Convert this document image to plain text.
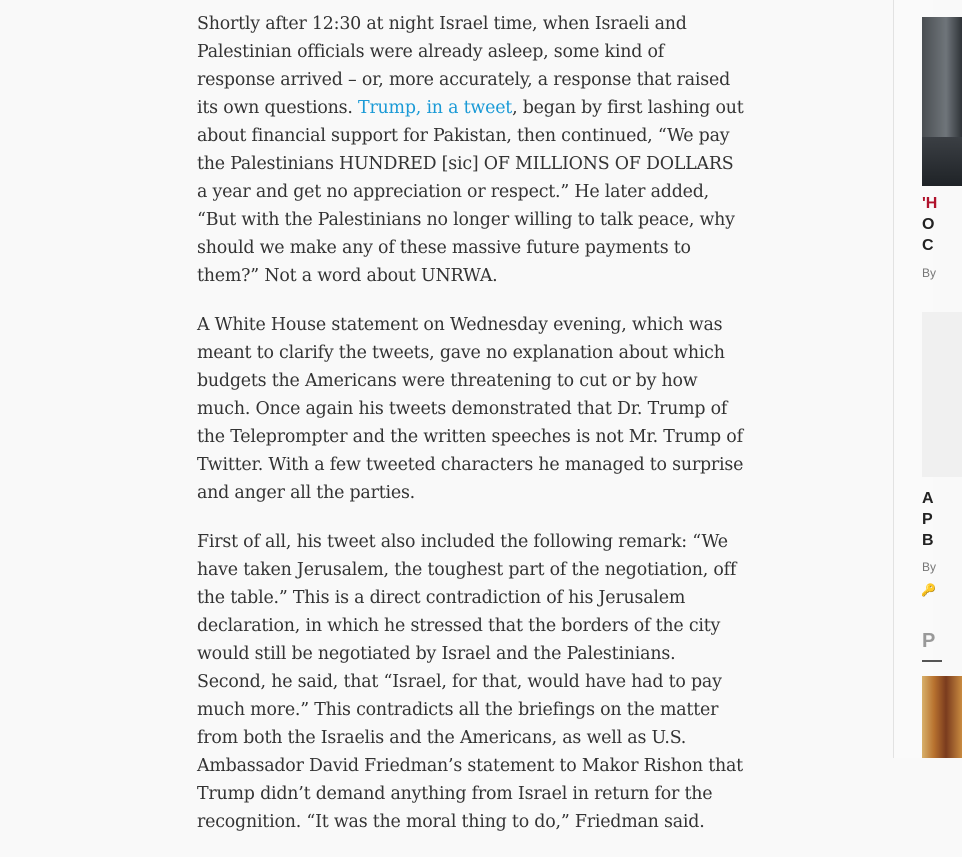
Shortly after 12:30 at night Israel time, when Israeli and Palestinian officials were already asleep, some kind of response arrived – or, more accurately, a response that raised its own questions. Trump, in a tweet, began by first lashing out about financial support for Pakistan, then continued, “We pay the Palestinians HUNDRED [sic] OF MILLIONS OF DOLLARS a year and get no appreciation or respect.” He later added, “But with the Palestinians no longer willing to talk peace, why should we make any of these massive future payments to them?” Not a word about UNRWA.

A White House statement on Wednesday evening, which was meant to clarify the tweets, gave no explanation about which budgets the Americans were threatening to cut or by how much. Once again his tweets demonstrated that Dr. Trump of the Teleprompter and the written speeches is not Mr. Trump of Twitter. With a few tweeted characters he managed to surprise and anger all the parties.

First of all, his tweet also included the following remark: “We have taken Jerusalem, the toughest part of the negotiation, off the table.” This is a direct contradiction of his Jerusalem declaration, in which he stressed that the borders of the city would still be negotiated by Israel and the Palestinians. Second, he said, that “Israel, for that, would have had to pay much more.” This contradicts all the briefings on the matter from both the Israelis and the Americans, as well as U.S. Ambassador David Friedman’s statement to Makor Rishon that Trump didn’t demand anything from Israel in return for the recognition. “It was the moral thing to do,” Friedman said.

'H
O
C
By
A
P
B
By
🔑
P
